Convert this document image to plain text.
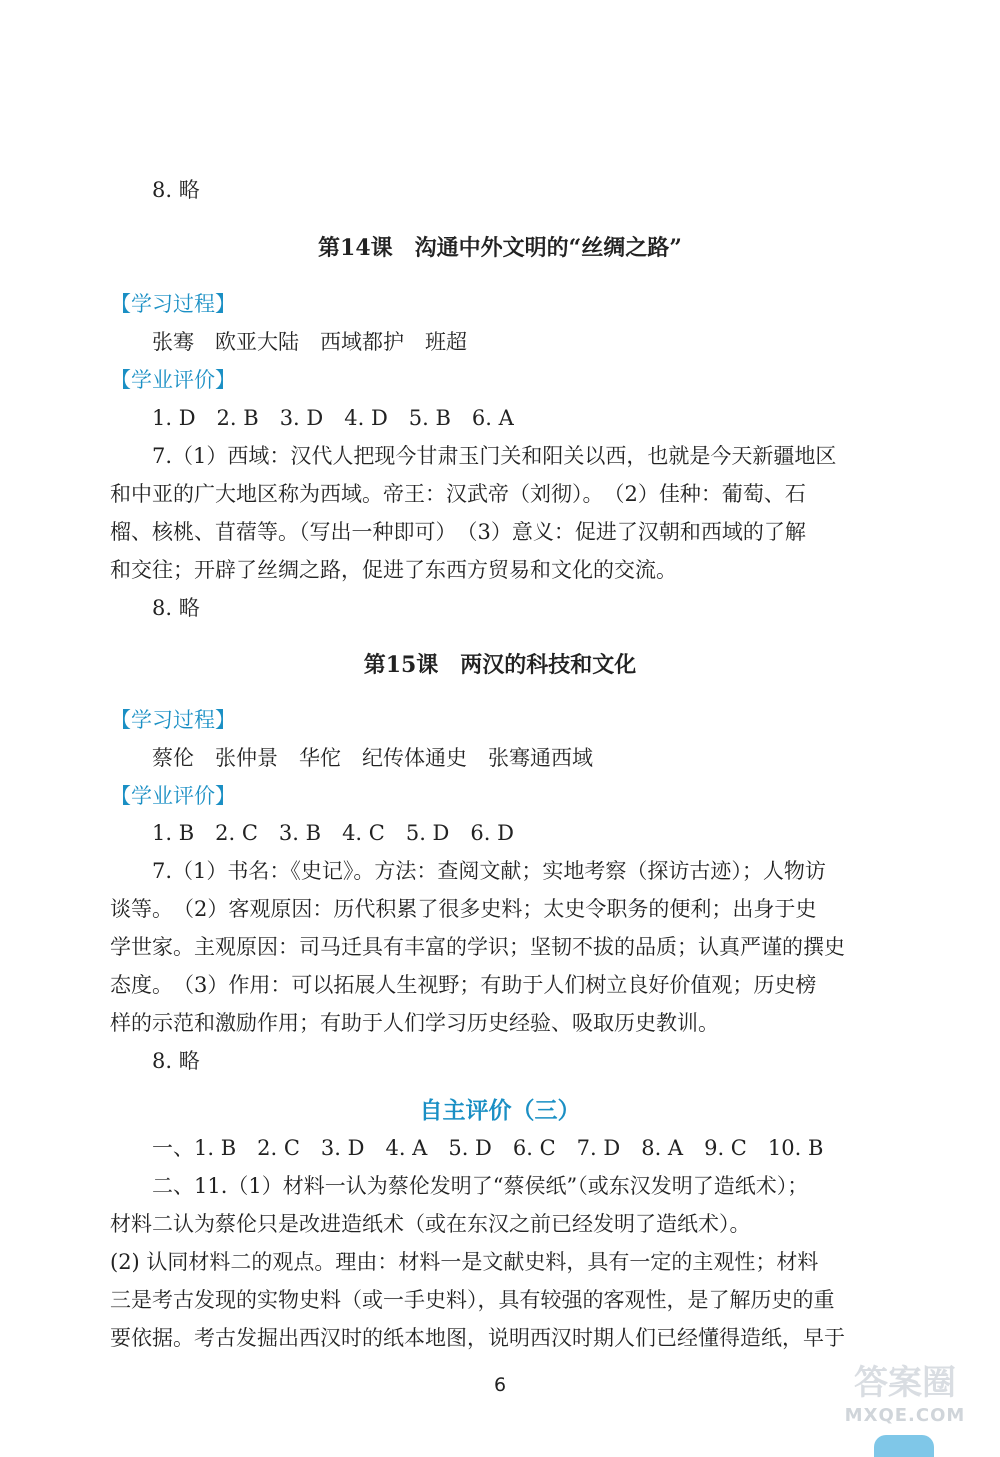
8. 略
第14课　沟通中外文明的“丝绸之路”
【学习过程】
张骞　欧亚大陆　西域都护　班超
【学业评价】
1. D　2. B　3. D　4. D　5. B　6. A
7.（1）西域：汉代人把现今甘肃玉门关和阳关以西，也就是今天新疆地区
和中亚的广大地区称为西域。帝王：汉武帝（刘彻）。　（2）佳种：葡萄、石
榴、核桃、苜蓿等。（写出一种即可）　（3）意义：促进了汉朝和西域的了解
和交往；开辟了丝绸之路，促进了东西方贸易和文化的交流。
8. 略
第15课　两汉的科技和文化
【学习过程】
蔡伦　张仲景　华佗　纪传体通史　张骞通西域
【学业评价】
1. B　2. C　3. B　4. C　5. D　6. D
7.（1）书名：《史记》。方法：查阅文献；实地考察（探访古迹）；人物访
谈等。　（2）客观原因：历代积累了很多史料；太史令职务的便利；出身于史
学世家。主观原因：司马迁具有丰富的学识；坚韧不拔的品质；认真严谨的撰史
态度。　（3）作用：可以拓展人生视野；有助于人们树立良好价值观；历史榜
样的示范和激励作用；有助于人们学习历史经验、吸取历史教训。
8. 略
自主评价（三）
一、1. B　2. C　3. D　4. A　5. D　6. C　7. D　8. A　9. C　10. B
二、11.（1）材料一认为蔡伦发明了“蔡侯纸”（或东汉发明了造纸术）；
材料二认为蔡伦只是改进造纸术（或在东汉之前已经发明了造纸术）。
(2) 认同材料二的观点。理由：材料一是文献史料，具有一定的主观性；材料
三是考古发现的实物史料（或一手史料），具有较强的客观性，是了解历史的重
要依据。考古发掘出西汉时的纸本地图，说明西汉时期人们已经懂得造纸，早于
6	答案圈
MXQE.COM
